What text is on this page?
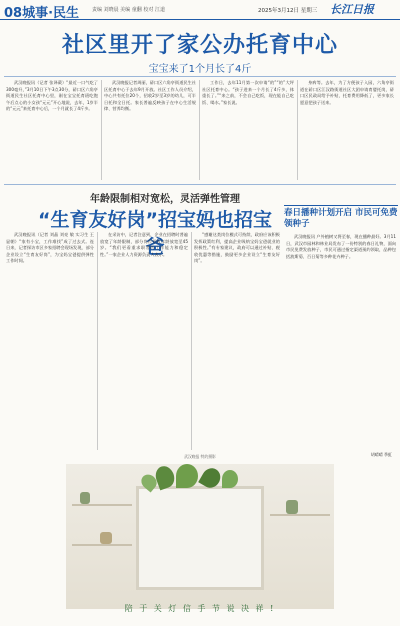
08城事·民生	责编 刘晓晨 美编 童翻 校对 江道	2025年3月12日 星期三 长江日报
社区里开了家公办托育中心
宝宝来了1个月长了4斤

武汉晚报讯（记者 张译葳）“最近一口气吃了300毫升，”3月10日下午3点30分，硚口区六角亭街道民生社区托育中心里，刚在宝宝托育班吃饱午后点心的小女孩“元元”开心地说，去年，1岁半的“元元”来托育中心后，一个月就长了4斤多。

武汉晚报记者周丽，硚口区六角亭街道民生社区托育中心于去年9月开放。社区工作人员介绍，中心共有托位20个，招收2岁至3岁的幼儿，可半日托和全日托。家长普遍反映孩子在中心生活规律、营养均衡。

工作日，去年11月第一次申请“的”“的”大坪社区托育中心。“孩子进来一个月长了4斤多，体重长了。”“来之前，不会自己吃饭，现在能自己吃饭、喝水。”家长说。

身病等。去年，为了方便孩子入园，六角亭街道在硚口区江汉路街道社区大团申请育婴托岗，硚口区民政局给予补贴，托育费用降低了，更多家长愿意把孩子送来。

年龄限制相对宽松，灵活弹性管理
“生育友好岗”招宝妈也招宝爸

武汉晚报讯（记者 刘晶 刘亮 敏 实习生 王显朝）“家有小宝，工作难找”成了过去式。连日来，记者探访市区多家招聘会现场发现，部分企业设立“生育友好岗”，为宝妈宝爸提供弹性工作时间。

在采访中，记者注意到，企业在招聘时普遍放宽了年龄限制，部分岗位招收年龄放宽至45岁。“我们更看重求职者的工作能力和稳定性。”一家企业人力资源负责人表示。

“感谢这类岗位模式可持续，政府应该积极发挥政策红利，提高企业吸纳宝妈宝爸就业的积极性。”有专家建议，政府可以通过补贴、税收优惠等措施，鼓励更多企业设立“生育友好岗”。

春日播种计划开启 市民可免费领种子

武汉晚报讯 户外植树又将至春，现在播种最好。3月11日，武汉市园林和林业局发布了一份特别的春日礼物，面向市民免费发放种子，市民可通过指定渠道预约领取，品种包括波斯菊、百日菊等多种花卉种子。

胡晴晴 季虹
武汉晚报 特约摄影
陪 于 关 灯 信 手 节 说 决 祥 !
